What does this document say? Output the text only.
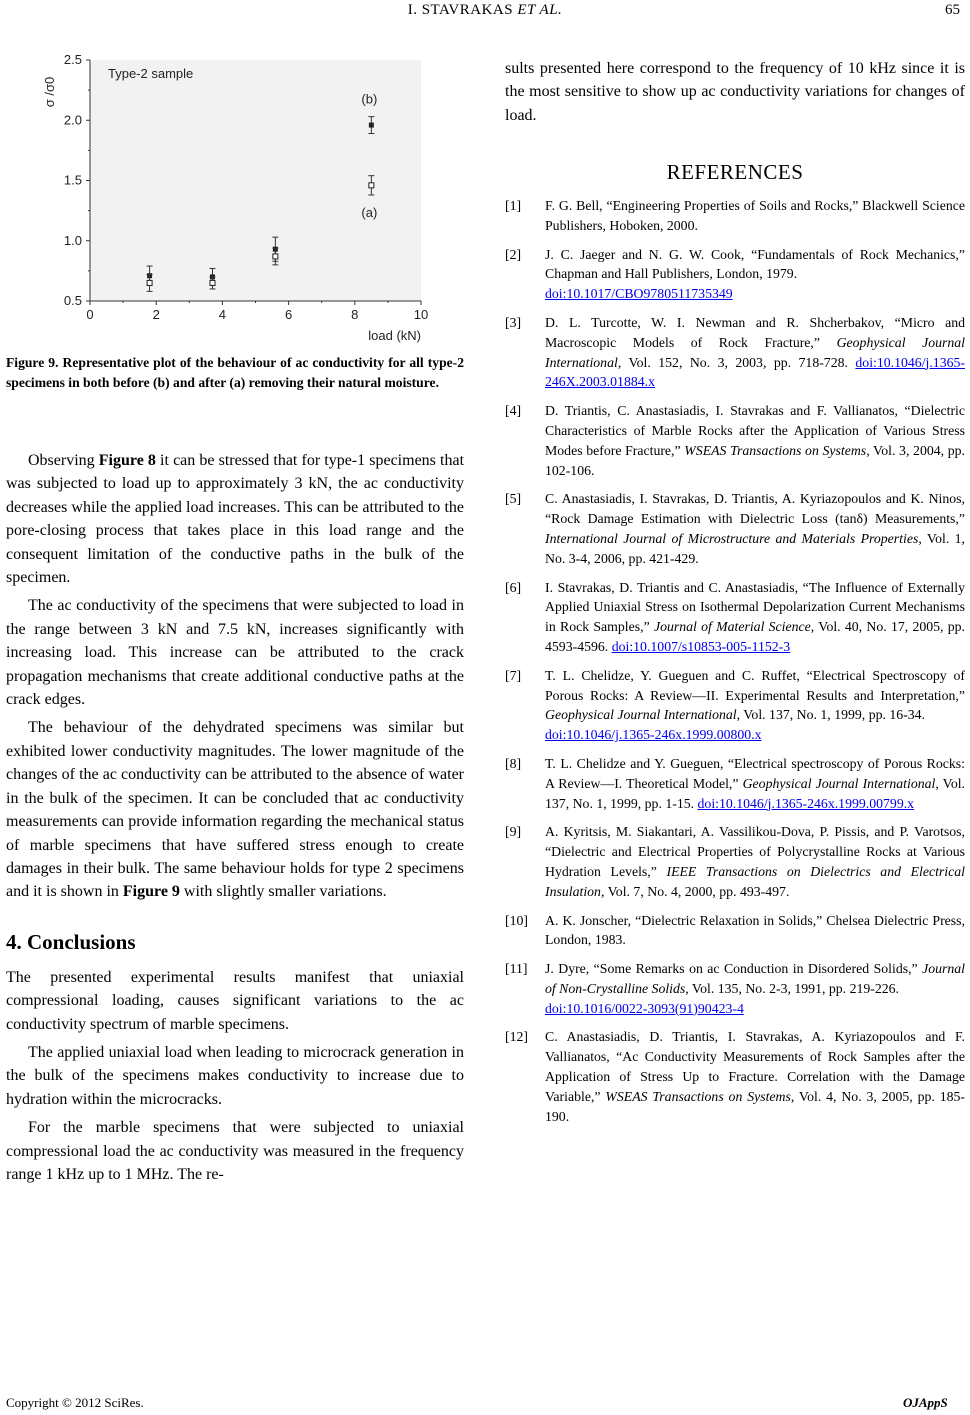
I. STAVRAKAS ET AL.	65
0	2	4	6	8	10
0.5
1.0
1.5
2.0
2.5
load (kN)
σ /σ0
Type-2 sample
(b)
(a)
Figure 9. Representative plot of the behaviour of ac conductivity for all type-2 specimens in both before (b) and after (a) removing their natural moisture.

Observing Figure 8 it can be stressed that for type-1 specimens that was subjected to load up to approximately 3 kN, the ac conductivity decreases while the applied load increases. This can be attributed to the pore-closing process that takes place in this load range and the consequent limitation of the conductive paths in the bulk of the specimen.

The ac conductivity of the specimens that were subjected to load in the range between 3 kN and 7.5 kN, increases significantly with increasing load. This increase can be attributed to the crack propagation mechanisms that create additional conductive paths at the crack edges.

The behaviour of the dehydrated specimens was similar but exhibited lower conductivity magnitudes. The lower magnitude of the changes of the ac conductivity can be attributed to the absence of water in the bulk of the specimen. It can be concluded that ac conductivity measurements can provide information regarding the mechanical status of marble specimens that have suffered stress enough to create damages in their bulk. The same behaviour holds for type 2 specimens and it is shown in Figure 9 with slightly smaller variations.

4. Conclusions

The presented experimental results manifest that uniaxial compressional loading, causes significant variations to the ac conductivity spectrum of marble specimens.

The applied uniaxial load when leading to microcrack generation in the bulk of the specimens makes conductivity to increase due to hydration within the microcracks.

For the marble specimens that were subjected to uniaxial compressional load the ac conductivity was measured in the frequency range 1 kHz up to 1 MHz. The re-

sults presented here correspond to the frequency of 10 kHz since it is the most sensitive to show up ac conductivity variations for changes of load.

REFERENCES
[1] F. G. Bell, “Engineering Properties of Soils and Rocks,” Blackwell Science Publishers, Hoboken, 2000.
[2] J. C. Jaeger and N. G. W. Cook, “Fundamentals of Rock Mechanics,” Chapman and Hall Publishers, London, 1979.
doi:10.1017/CBO9780511735349
[3] D. L. Turcotte, W. I. Newman and R. Shcherbakov, “Micro and Macroscopic Models of Rock Fracture,” Geophysical Journal International, Vol. 152, No. 3, 2003, pp. 718-728. doi:10.1046/j.1365-246X.2003.01884.x
[4] D. Triantis, C. Anastasiadis, I. Stavrakas and F. Vallianatos, “Dielectric Characteristics of Marble Rocks after the Application of Various Stress Modes before Fracture,” WSEAS Transactions on Systems, Vol. 3, 2004, pp. 102-106.
[5] C. Anastasiadis, I. Stavrakas, D. Triantis, A. Kyriazopoulos and K. Ninos, “Rock Damage Estimation with Dielectric Loss (tanδ) Measurements,” International Journal of Microstructure and Materials Properties, Vol. 1, No. 3-4, 2006, pp. 421-429.
[6] I. Stavrakas, D. Triantis and C. Anastasiadis, “The Influence of Externally Applied Uniaxial Stress on Isothermal Depolarization Current Mechanisms in Rock Samples,” Journal of Material Science, Vol. 40, No. 17, 2005, pp. 4593-4596. doi:10.1007/s10853-005-1152-3
[7] T. L. Chelidze, Y. Gueguen and C. Ruffet, “Electrical Spectroscopy of Porous Rocks: A Review—II. Experimental Results and Interpretation,” Geophysical Journal International, Vol. 137, No. 1, 1999, pp. 16-34.
doi:10.1046/j.1365-246x.1999.00800.x
[8] T. L. Chelidze and Y. Gueguen, “Electrical spectroscopy of Porous Rocks: A Review—I. Theoretical Model,” Geophysical Journal International, Vol. 137, No. 1, 1999, pp. 1-15. doi:10.1046/j.1365-246x.1999.00799.x
[9] A. Kyritsis, M. Siakantari, A. Vassilikou-Dova, P. Pissis, and P. Varotsos, “Dielectric and Electrical Properties of Polycrystalline Rocks at Various Hydration Levels,” IEEE Transactions on Dielectrics and Electrical Insulation, Vol. 7, No. 4, 2000, pp. 493-497.
[10] A. K. Jonscher, “Dielectric Relaxation in Solids,” Chelsea Dielectric Press, London, 1983.
[11] J. Dyre, “Some Remarks on ac Conduction in Disordered Solids,” Journal of Non-Crystalline Solids, Vol. 135, No. 2-3, 1991, pp. 219-226.
doi:10.1016/0022-3093(91)90423-4
[12] C. Anastasiadis, D. Triantis, I. Stavrakas, A. Kyriazopoulos and F. Vallianatos, “Ac Conductivity Measurements of Rock Samples after the Application of Stress Up to Fracture. Correlation with the Damage Variable,” WSEAS Transactions on Systems, Vol. 4, No. 3, 2005, pp. 185-190.
Copyright © 2012 SciRes.	OJAppS
